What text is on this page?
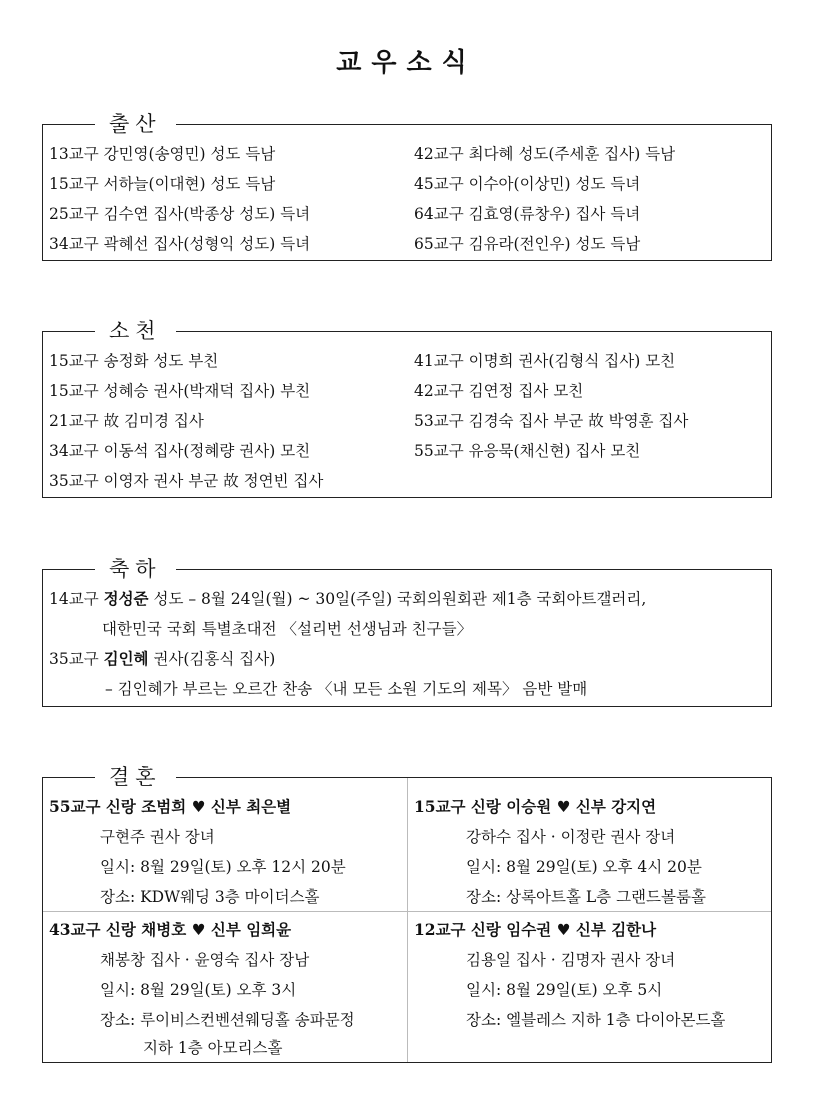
교우소식
출산
13교구 강민영(송영민) 성도 득남
15교구 서하늘(이대현) 성도 득남
25교구 김수연 집사(박종상 성도) 득녀
34교구 곽혜선 집사(성형익 성도) 득녀
42교구 최다혜 성도(주세훈 집사) 득남
45교구 이수아(이상민) 성도 득녀
64교구 김효영(류창우) 집사 득녀
65교구 김유라(전인우) 성도 득남
소천
15교구 송정화 성도 부친
15교구 성혜승 권사(박재덕 집사) 부친
21교구 故 김미경 집사
34교구 이동석 집사(정혜량 권사) 모친
35교구 이영자 권사 부군 故 정연빈 집사
41교구 이명희 권사(김형식 집사) 모친
42교구 김연정 집사 모친
53교구 김경숙 집사 부군 故 박영훈 집사
55교구 유응묵(채신현) 집사 모친
축하
14교구 정성준 성도 – 8월 24일(월) ~ 30일(주일) 국회의원회관 제1층 국회아트갤러리,
대한민국 국회 특별초대전 〈설리번 선생님과 친구들〉
35교구 김인혜 권사(김홍식 집사)
– 김인혜가 부르는 오르간 찬송 〈내 모든 소원 기도의 제목〉 음반 발매
결혼
55교구 신랑 조범희 ♥ 신부 최은별
구현주 권사 장녀
일시: 8월 29일(토) 오후 12시 20분
장소: KDW웨딩 3층 마이더스홀
15교구 신랑 이승원 ♥ 신부 강지연
강하수 집사 · 이정란 권사 장녀
일시: 8월 29일(토) 오후 4시 20분
장소: 상록아트홀 L층 그랜드볼룸홀
43교구 신랑 채병호 ♥ 신부 임희윤
채봉창 집사 · 윤영숙 집사 장남
일시: 8월 29일(토) 오후 3시
장소: 루이비스컨벤션웨딩홀 송파문정
지하 1층 아모리스홀
12교구 신랑 임수권 ♥ 신부 김한나
김용일 집사 · 김명자 권사 장녀
일시: 8월 29일(토) 오후 5시
장소: 엘블레스 지하 1층 다이아몬드홀
